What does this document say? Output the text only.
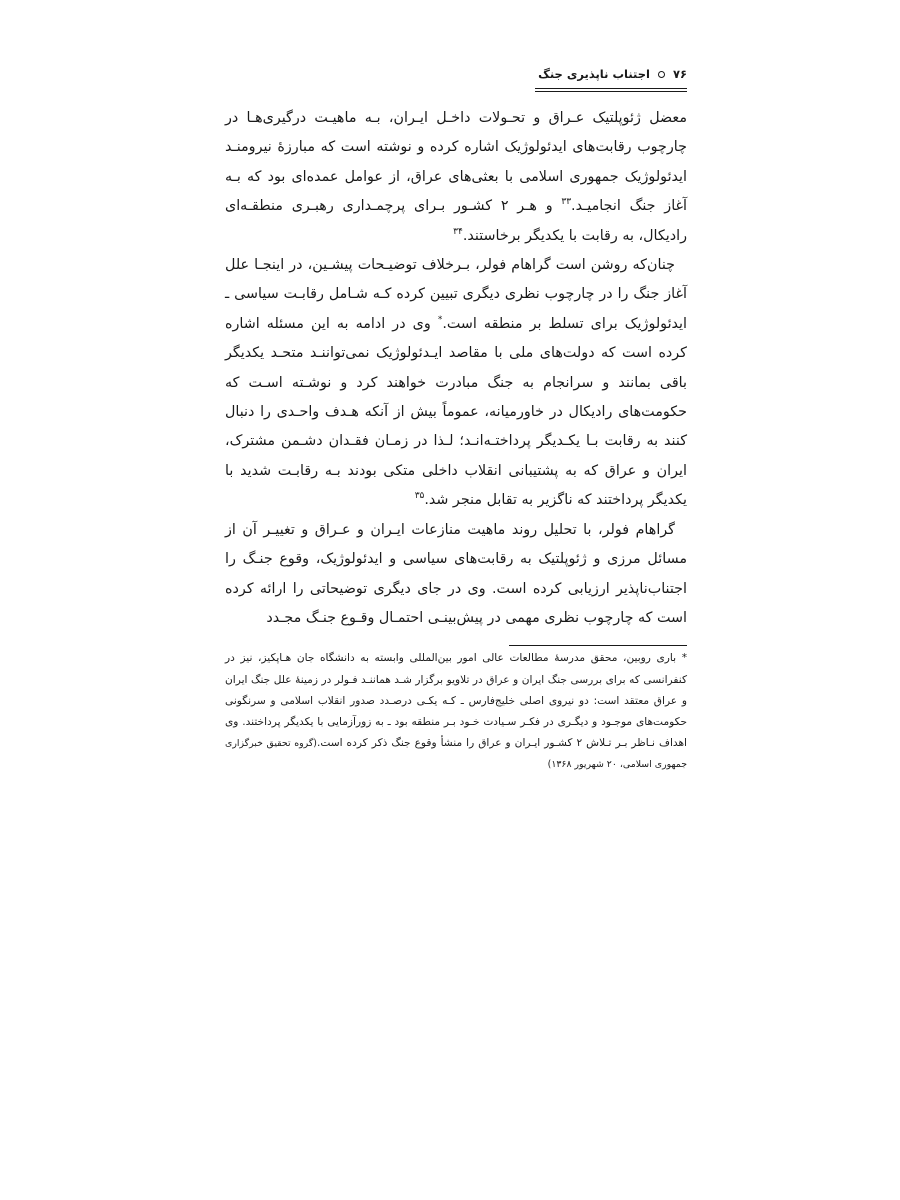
۷۶
اجتناب ناپذیری جنگ

معضل ژئوپلتیک عـراق و تحـولات داخـل ایـران، بـه ماهیـت درگیری‌هـا در چارچوب رقابت‌های ایدئولوژیک اشاره کرده و نوشته است که مبارزهٔ نیرومنـد ایدئولوژیک جمهوری اسلامی با بعثی‌های عراق، از عوامل عمده‌ای بود که بـه آغاز جنگ انجامیـد.$^{۳۳}$ و هـر ۲ کشـور بـرای پرچمـداری رهبـری منطقـه‌ای رادیکال، به رقابت با یکدیگر برخاستند.$^{۳۴}$

چنان‌که روشن است گراهام فولر، بـرخلاف توضیـحات پیشـین، در اینجـا علل آغاز جنگ را در چارچوب نظری دیگری تبیین کرده کـه شـامل رقابـت سیاسی ـ ایدئولوژیک برای تسلط بر منطقه است.* وی در ادامه به این مسئله اشاره کرده است که دولت‌های ملی با مقاصد ایـدئولوژیک نمی‌تواننـد متحـد یکدیگر باقی بمانند و سرانجام به جنگ مبادرت خواهند کرد و نوشـته اسـت که حکومت‌های رادیکال در خاورمیانه، عموماً بیش از آنکه هـدف واحـدی را دنبال کنند به رقابت بـا یکـدیگر پرداختـه‌انـد؛ لـذا در زمـان فقـدان دشـمن مشترک، ایران و عراق که به پشتیبانی انقلاب داخلی متکی بودند بـه رقابـت شدید با یکدیگر پرداختند که ناگزیر به تقابل منجر شد.$^{۳۵}$

گراهام فولر، با تحلیل روند ماهیت منازعات ایـران و عـراق و تغییـر آن از مسائل مرزی و ژئوپلتیک به رقابت‌های سیاسی و ایدئولوژیک، وقوع جنـگ را اجتناب‌ناپذیر ارزیابی کرده است. وی در جای دیگری توضیحاتی را ارائه کرده است که چارچوب نظری مهمی در پیش‌بینـی احتمـال وقـوع جنـگ مجـدد

* باری روبین، محقق مدرسهٔ مطالعات عالی امور بین‌المللی وابسته به دانشگاه جان هـاپکیز، نیز در کنفرانسی که برای بررسی جنگ ایران و عراق در تلاویو برگزار شـد هماننـد فـولر در زمینهٔ علل جنگ ایران و عراق معتقد است: دو نیروی اصلی خلیج‌فارس ـ کـه یکـی درصـدد صدور انقلاب اسلامی و سرنگونی حکومت‌های موجـود و دیگـری در فکـر سـیادت خـود بـر منطقه بود ـ به زورآزمایی با یکدیگر پرداختند. وی اهداف نـاظر بـر تـلاش ۲ کشـور ایـران و عراق را منشأ وقوع جنگ ذکر کرده است.(گروه تحقیق خبرگزاری جمهوری اسلامی، ۲۰ شهریور ۱۳۶۸)
